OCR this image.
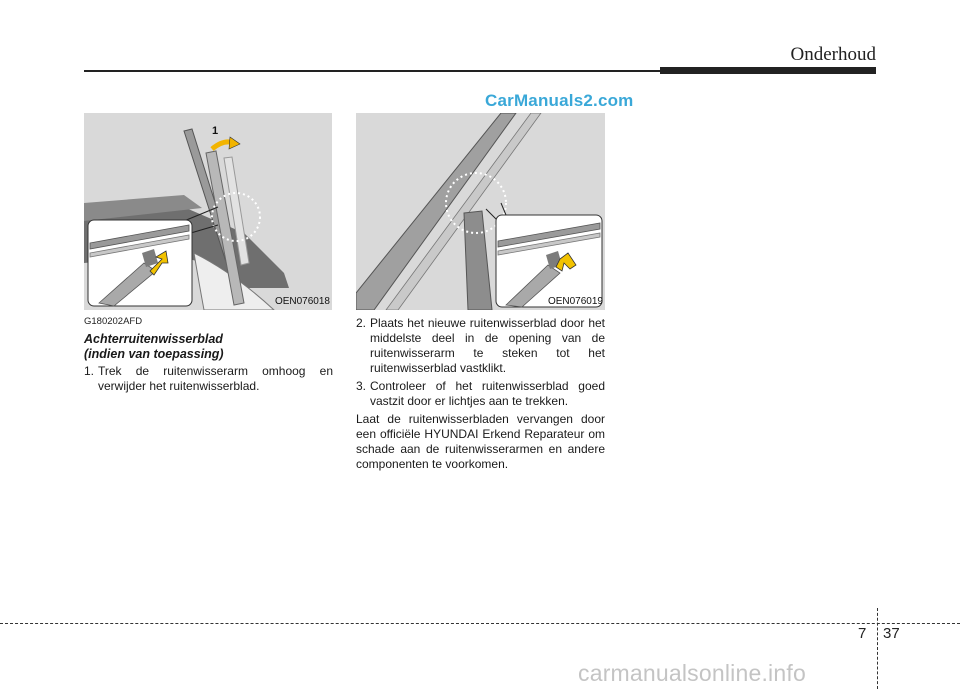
Onderhoud
CarManuals2.com
1
OEN076018	OEN076019
G180202AFD
Achterruitenwisserblad
(indien van toepassing)
1. Trek de ruitenwisserarm omhoog en verwijder het ruitenwisserblad.
2. Plaats het nieuwe ruitenwisserblad door het middelste deel in de opening van de ruitenwisserarm te steken tot het ruitenwisserblad vastklikt.
3. Controleer of het ruitenwisserblad goed vastzit door er lichtjes aan te trekken.
Laat de ruitenwisserbladen vervangen door een officiële HYUNDAI Erkend Reparateur om schade aan de ruitenwisserarmen en andere componenten te voorkomen.
7 37
carmanualsonline.info
